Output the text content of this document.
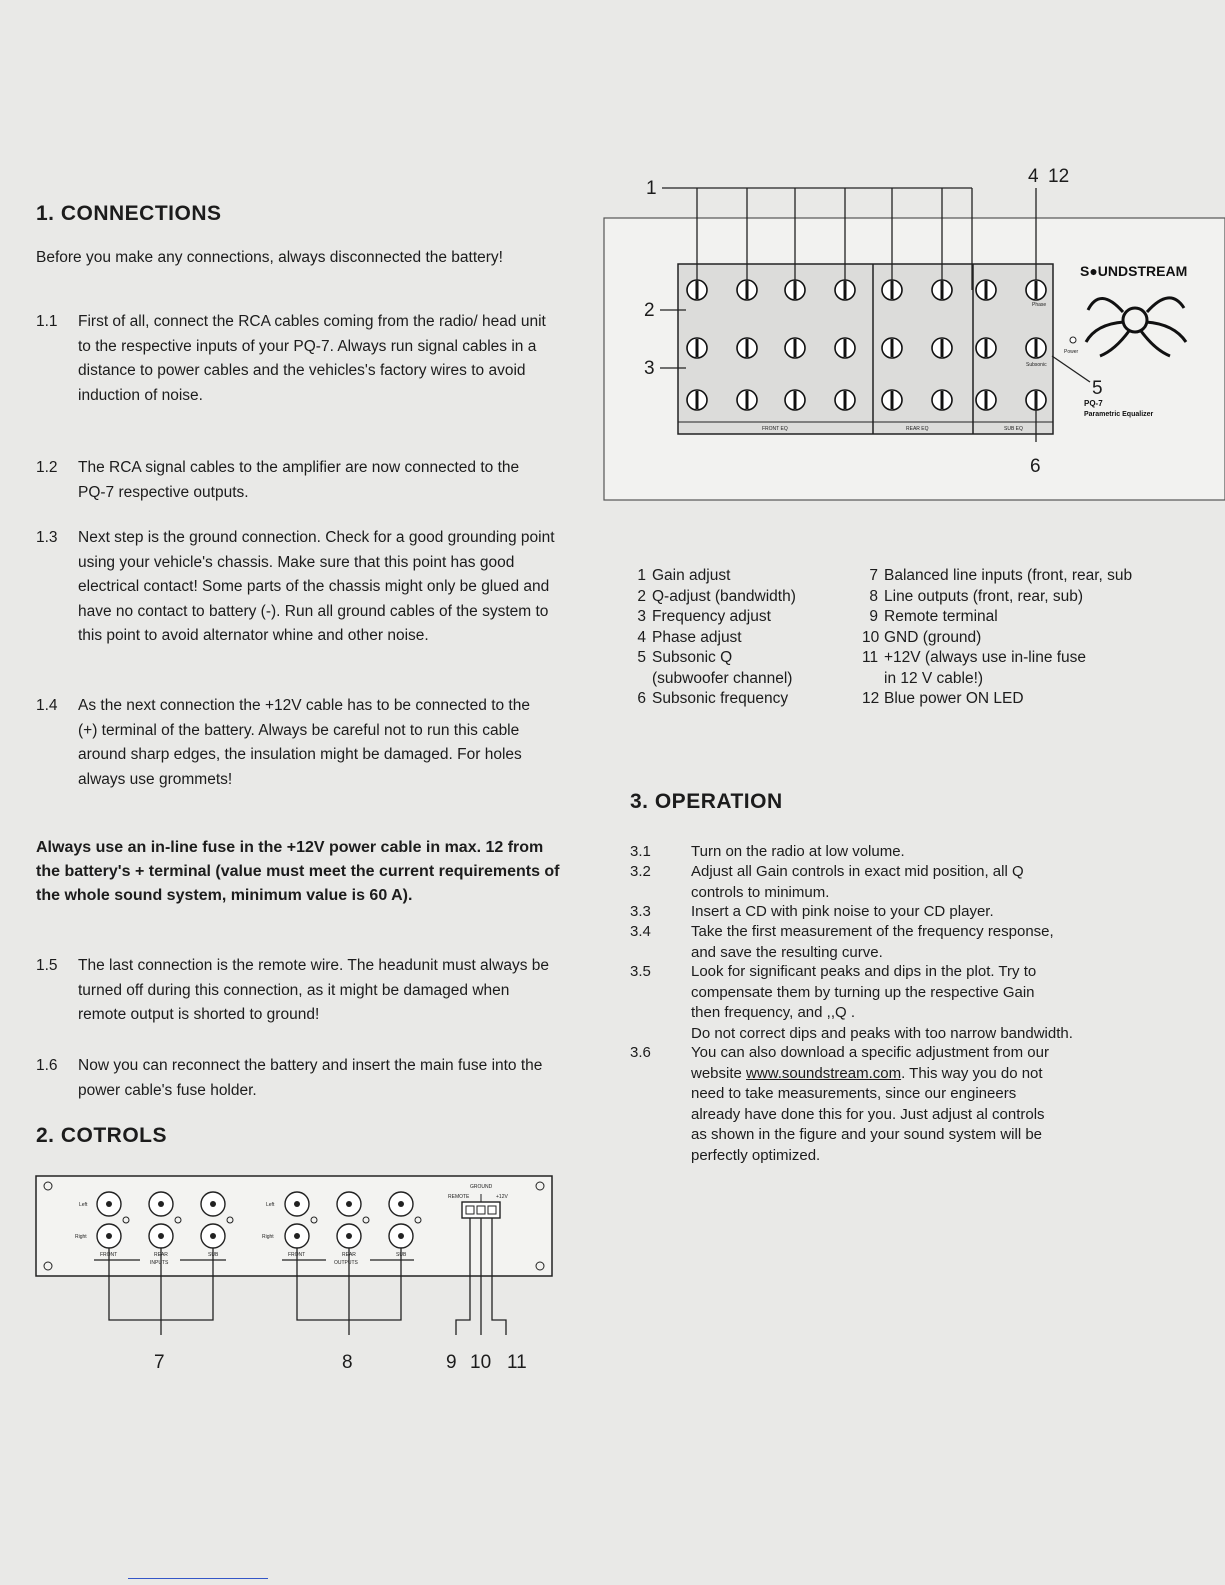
1. CONNECTIONS
Before you make any connections, always disconnected the battery!
1.1 First of all, connect the RCA cables coming from the radio/ head unit to the respective inputs of your PQ-7. Always run signal cables in a distance to power cables and the vehicles's factory wires to avoid induction of noise.
1.2 The RCA signal cables to the amplifier are now connected to the PQ-7 respective outputs.
1.3 Next step is the ground connection. Check for a good grounding point using your vehicle's chassis. Make sure that this point has good electrical contact! Some parts of the chassis might only be glued and have no contact to battery (-). Run all ground cables of the system to this point to avoid alternator whine and other noise.
1.4 As the next connection the +12V cable has to be connected to the (+) terminal of the battery. Always be careful not to run this cable around sharp edges, the insulation might be damaged. For holes always use grommets!
Always use an in-line fuse in the +12V power cable in max. 12 from the battery's + terminal (value must meet the current requirements of the whole sound system, minimum value is 60 A).
1.5 The last connection is the remote wire. The headunit must always be turned off during this connection, as it might be damaged when remote output is shorted to ground!
1.6 Now you can reconnect the battery and insert the main fuse into the power cable's fuse holder.
2. COTROLS
Left
Right
Left
Right
FRONT	REAR	SUB	FRONT	REAR	SUB
INPUTS	OUTPUTS
GROUND
REMOTE	+12V
7	8	9 10 11
FRONT EQ	REAR EQ	SUB EQ
Phase
Subsonic
Power
S●UNDSTREAM
PQ-7
Parametric Equalizer
1
2
3
4 12
5
6
1 Gain adjust
2 Q-adjust (bandwidth)
3 Frequency adjust
4 Phase adjust
5 Subsonic Q
(subwoofer channel)
6 Subsonic frequency
7 Balanced line inputs (front, rear, sub
8 Line outputs (front, rear, sub)
9 Remote terminal
10 GND (ground)
11 +12V (always use in-line fuse
in 12 V cable!)
12 Blue power ON LED
3. OPERATION
3.1	Turn on the radio at low volume.
3.2	Adjust all Gain controls in exact mid position, all Q
controls to minimum.
3.3	Insert a CD with pink noise to your CD player.
3.4	Take the first measurement of the frequency response,
and save the resulting curve.
3.5	Look for significant peaks and dips in the plot. Try to
compensate them by turning up the respective Gain
then frequency, and ,,Q .
Do not correct dips and peaks with too narrow bandwidth.
3.6	You can also download a specific adjustment from our
website www.soundstream.com. This way you do not
need to take measurements, since our engineers
already have done this for you. Just adjust al controls
as shown in the figure and your sound system will be
perfectly optimized.
